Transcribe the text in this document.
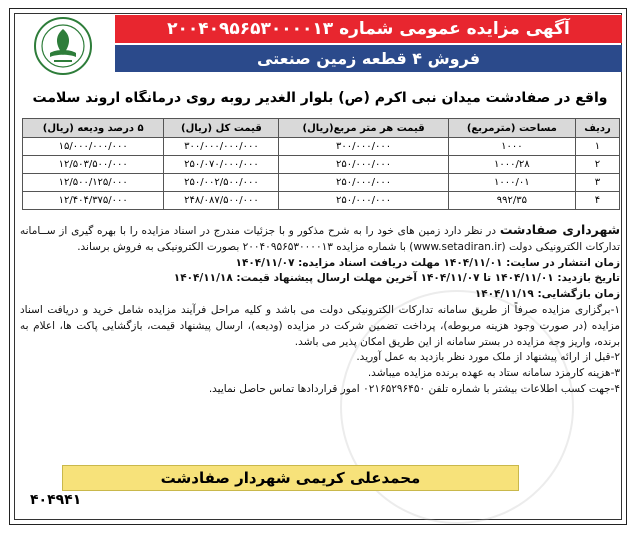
آگهی مزایده عمومی شماره ۲۰۰۴۰۹۵۶۵۳۰۰۰۰۱۳
فروش ۴ قطعه زمین صنعتی
واقع در صفادشت میدان نبی اکرم (ص) بلوار الغدیر روبه روی درمانگاه اروند سلامت
ردیف	مساحت (مترمربع)	قیمت هر متر مربع(ریال)	قیمت کل (ریال)	۵ درصد ودیعه (ریال)
۱	۱۰۰۰	۳۰۰/۰۰۰/۰۰۰	۳۰۰/۰۰۰/۰۰۰/۰۰۰	۱۵/۰۰۰/۰۰۰/۰۰۰
۲	۱۰۰۰/۲۸	۲۵۰/۰۰۰/۰۰۰	۲۵۰/۰۷۰/۰۰۰/۰۰۰	۱۲/۵۰۳/۵۰۰/۰۰۰
۳	۱۰۰۰/۰۱	۲۵۰/۰۰۰/۰۰۰	۲۵۰/۰۰۲/۵۰۰/۰۰۰	۱۲/۵۰۰/۱۲۵/۰۰۰
۴	۹۹۲/۳۵	۲۵۰/۰۰۰/۰۰۰	۲۴۸/۰۸۷/۵۰۰/۰۰۰	۱۲/۴۰۴/۳۷۵/۰۰۰

شهرداری صفادشت در نظر دارد زمین های خود را به شرح مذکور و با جزئیات مندرج در اسناد مزایده را با بهره گیری از ســامانه تدارکات الکترونیکی دولت (www.setadiran.ir) با شماره مزایده ۲۰۰۴۰۹۵۶۵۳۰۰۰۰۱۳ بصورت الکترونیکی به فروش برساند.

زمان انتشار در سایت: ۱۴۰۴/۱۱/۰۱ مهلت دریافت اسناد مزایده: ۱۴۰۴/۱۱/۰۷

تاریخ بازدید: ۱۴۰۴/۱۱/۰۱ تا ۱۴۰۴/۱۱/۰۷ آخرین مهلت ارسال پیشنهاد قیمت: ۱۴۰۴/۱۱/۱۸

زمان بازگشایی: ۱۴۰۴/۱۱/۱۹

۱-برگزاری مزایده صرفاً از طریق سامانه تدارکات الکترونیکی دولت می باشد و کلیه مراحل فرآیند مزایده شامل خرید و دریافت اسناد مزایده (در صورت وجود هزینه مربوطه)، پرداخت تضمین شرکت در مزایده (ودیعه)، ارسال پیشنهاد قیمت، بازگشایی پاکت ها، اعلام به برنده، واریز وجه مزایده در بستر سامانه از این طریق امکان پذیر می باشد.

۲-قبل از ارائه پیشنهاد از ملک مورد نظر بازدید به عمل آورید.

۳-هزینه کارمزد سامانه ستاد به عهده برنده مزایده میباشد.

۴-جهت کسب اطلاعات بیشتر با شماره تلفن ۰۲۱۶۵۲۹۶۴۵۰ امور قراردادها تماس حاصل نمایید.

محمدعلی کریمی شهردار صفادشت
۴۰۴۹۴۱
